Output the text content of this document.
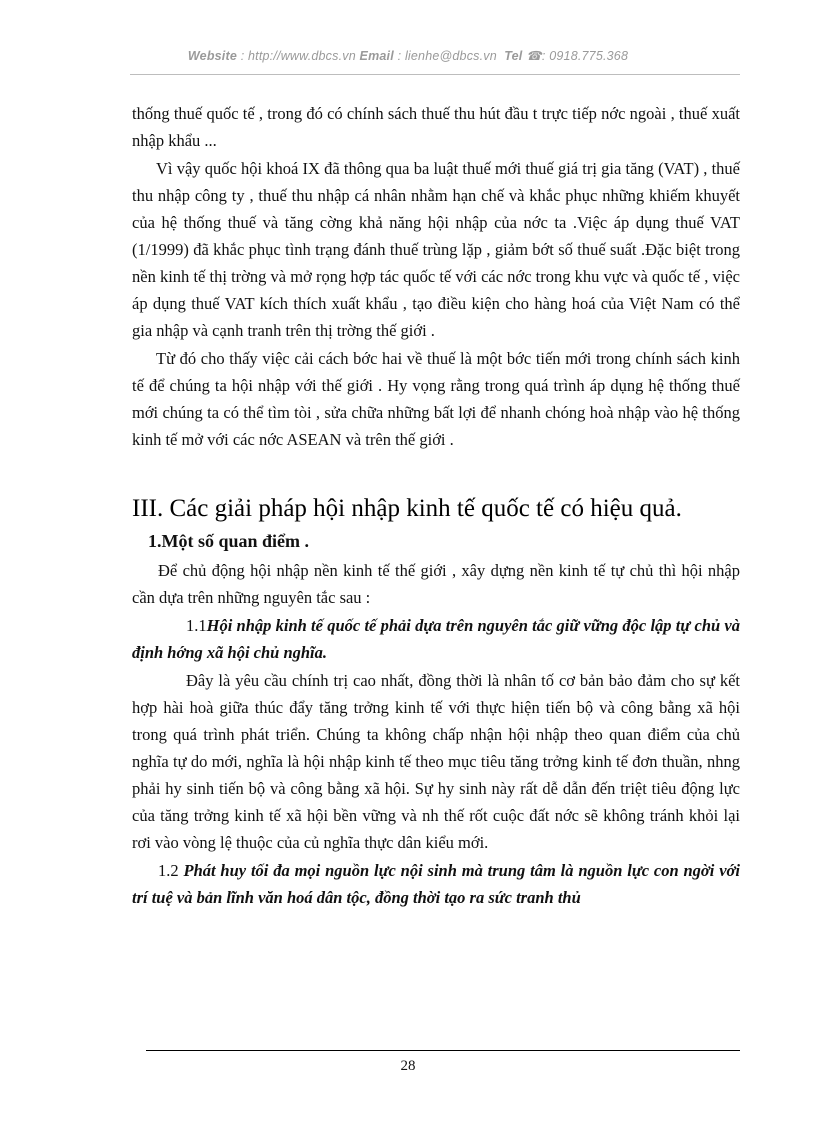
Website : http://www.dbcs.vn Email : lienhe@dbcs.vn Tel ☎: 0918.775.368

thống thuế quốc tế , trong đó có chính sách thuế thu hút đầu t trực tiếp nớc ngoài , thuế xuất nhập khẩu ...

Vì vậy quốc hội khoá IX đã thông qua ba luật thuế mới thuế giá trị gia tăng (VAT) , thuế thu nhập công ty , thuế thu nhập cá nhân nhằm hạn chế và khắc phục những khiếm khuyết của hệ thống thuế và tăng cờng khả năng hội nhập của nớc ta .Việc áp dụng thuế VAT (1/1999) đã khắc phục tình trạng đánh thuế trùng lặp , giảm bớt số thuế suất .Đặc biệt trong nền kinh tế thị trờng và mở rọng hợp tác quốc tế với các nớc trong khu vực và quốc tế , việc áp dụng thuế VAT kích thích xuất khẩu , tạo điều kiện cho hàng hoá của Việt Nam có thể gia nhập và cạnh tranh trên thị trờng thế giới .

Từ đó cho thấy việc cải cách bớc hai về thuế là một bớc tiến mới trong chính sách kinh tế để chúng ta hội nhập với thế giới . Hy vọng rằng trong quá trình áp dụng hệ thống thuế mới chúng ta có thể tìm tòi , sửa chữa những bất lợi để nhanh chóng hoà nhập vào hệ thống kinh tế mở với các nớc ASEAN và trên thế giới .

III. Các giải pháp hội nhập kinh tế quốc tế có hiệu quả.
1.Một số quan điểm .

Để chủ động hội nhập nền kinh tế thế giới , xây dựng nền kinh tế tự chủ thì hội nhập cần dựa trên những nguyên tắc sau :

1.1Hội nhập kinh tế quốc tế phải dựa trên nguyên tắc giữ vững độc lập tự chủ và định hớng xã hội chủ nghĩa.

Đây là yêu cầu chính trị cao nhất, đồng thời là nhân tố cơ bản bảo đảm cho sự kết hợp hài hoà giữa thúc đẩy tăng trởng kinh tế với thực hiện tiến bộ và công bằng xã hội trong quá trình phát triển. Chúng ta không chấp nhận hội nhập theo quan điểm của chủ nghĩa tự do mới, nghĩa là hội nhập kinh tế theo mục tiêu tăng trởng kinh tế đơn thuần, nhng phải hy sinh tiến bộ và công bằng xã hội. Sự hy sinh này rất dễ dẫn đến triệt tiêu động lực của tăng trởng kinh tế xã hội bền vững và nh thế rốt cuộc đất nớc sẽ không tránh khỏi lại rơi vào vòng lệ thuộc của củ nghĩa thực dân kiểu mới.

1.2 Phát huy tối đa mọi nguồn lực nội sinh mà trung tâm là nguồn lực con ngời với trí tuệ và bản lĩnh văn hoá dân tộc, đồng thời tạo ra sức tranh thủ

28
